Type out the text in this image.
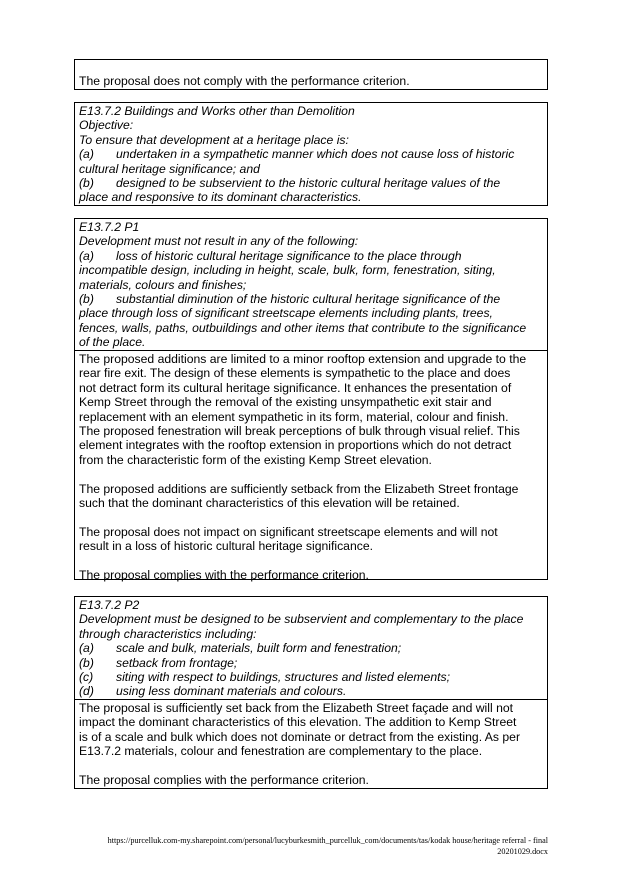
The proposal does not comply with the performance criterion.
E13.7.2 Buildings and Works other than Demolition
Objective:
To ensure that development at a heritage place is:
(a)	undertaken in a sympathetic manner which does not cause loss of historic
cultural heritage significance; and
(b)	designed to be subservient to the historic cultural heritage values of the
place and responsive to its dominant characteristics.
E13.7.2 P1
Development must not result in any of the following:
(a)	loss of historic cultural heritage significance to the place through
incompatible design, including in height, scale, bulk, form, fenestration, siting,
materials, colours and finishes;
(b)	substantial diminution of the historic cultural heritage significance of the
place through loss of significant streetscape elements including plants, trees,
fences, walls, paths, outbuildings and other items that contribute to the significance
of the place.
The proposed additions are limited to a minor rooftop extension and upgrade to the
rear fire exit. The design of these elements is sympathetic to the place and does
not detract form its cultural heritage significance. It enhances the presentation of
Kemp Street through the removal of the existing unsympathetic exit stair and
replacement with an element sympathetic in its form, material, colour and finish.
The proposed fenestration will break perceptions of bulk through visual relief. This
element integrates with the rooftop extension in proportions which do not detract
from the characteristic form of the existing Kemp Street elevation.
The proposed additions are sufficiently setback from the Elizabeth Street frontage
such that the dominant characteristics of this elevation will be retained.
The proposal does not impact on significant streetscape elements and will not
result in a loss of historic cultural heritage significance.
The proposal complies with the performance criterion.
E13.7.2 P2
Development must be designed to be subservient and complementary to the place
through characteristics including:
(a)	scale and bulk, materials, built form and fenestration;
(b)	setback from frontage;
(c)	siting with respect to buildings, structures and listed elements;
(d)	using less dominant materials and colours.
The proposal is sufficiently set back from the Elizabeth Street façade and will not
impact the dominant characteristics of this elevation. The addition to Kemp Street
is of a scale and bulk which does not dominate or detract from the existing. As per
E13.7.2 materials, colour and fenestration are complementary to the place.
The proposal complies with the performance criterion.
https://purcelluk.com-my.sharepoint.com/personal/lucyburkesmith_purcelluk_com/documents/tas/kodak house/heritage referral - final
20201029.docx
